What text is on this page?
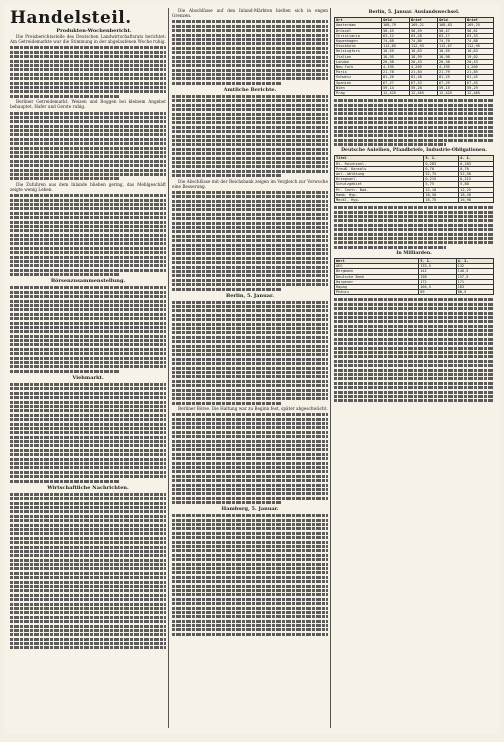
Handelsteil.
Produkten-Wochenbericht.

Die Preisberichtsstelle des Deutschen Landwirtschaftsrats berichtet: Am Getreidemarkte war die Stimmung in der abgelaufenen Woche ruhig.

Berliner Getreidemarkt. Weizen und Roggen bei kleinem Angebot behauptet, Hafer und Gerste ruhig.

Die Zufuhren aus dem Inlande blieben gering, das Mehlgeschäft zeigte wenig Leben.

Börsenzusammenstellung.
Viehmarkt.
Wirtschaftliche Nachrichten.

Die Abschlüsse auf den Inland-Märkten hielten sich in engen Grenzen.

Amtliche Berichte.

Die Abschlüsse mit der Reichsbank zeigen im Vergleich zur Vorwoche eine Besserung.

Berlin, 5. Januar.

Berliner Börse. Die Haltung war zu Beginn fest, später abgeschwächt.

Hamburg, 5. Januar.
Berlin, 5. Januar. Auslandswechsel.
Ort	Geld	Brief	Geld	Brief
Amsterdam	168,79	169,21	168,83	169,25
Brüssel	58,45	58,59	58,47	58,61
Christiania	63,12	63,28	63,17	63,33
Kopenhagen	74,68	74,86	74,70	74,88
Stockholm	112,65	112,93	112,67	112,95
Helsingfors	10,59	10,63	10,59	10,63
Italien	18,95	18,99	18,98	19,02
London	20,38	20,43	20,38	20,43
New York	4,195	4,205	4,195	4,205
Paris	21,78	21,84	21,79	21,85
Schweiz	81,20	81,40	81,25	81,45
Spanien	67,27	67,43	67,29	67,45
Wien	59,14	59,28	59,15	59,29
Prag	12,425	12,465	12,425	12,465
Deutsche Anleihen, Pfandbriefe, Industrie-Obligationen.
Titel	5. 1.	4. 1.
Dt. Reichsanl.	0,283	0,283
Preuß. Konsols	0,70	0,70
Anl.-Ablösung	52,75	52,50
Kriegsanl.	0,215	0,215
Schutzgebiet	5,75	5,80
Pr. Centr. Bod.	12,10	12,25
Hamb. Hyp.	18,50	18,40
Meckl. Hyp.	16,75	16,90
In Milliarden.
Wert	5. 1.	4. 1.
AEG	133,5	132
Bergmann	141	140,5
Deutsche Bank	158	157,5
Harpener	172	171
Hapag	104,5	103
Phönix	89	88,5
